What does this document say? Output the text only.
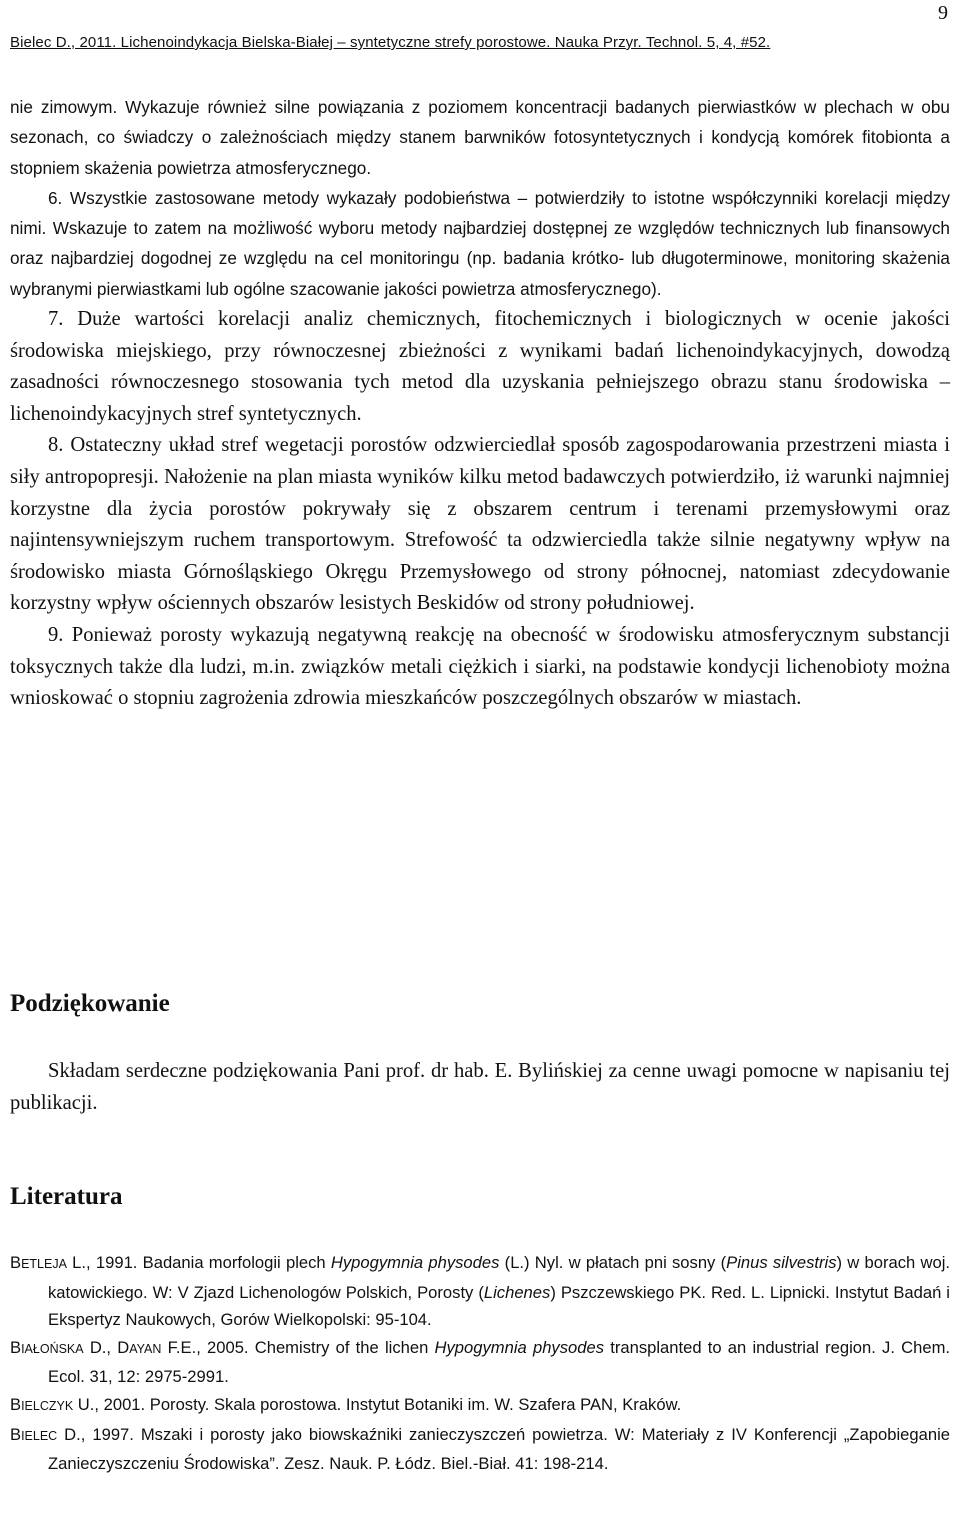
Bielec D., 2011. Lichenoindykacja Bielska-Białej – syntetyczne strefy porostowe. Nauka Przyr. Technol. 5, 4, #52.
9

nie zimowym. Wykazuje również silne powiązania z poziomem koncentracji badanych pierwiastków w plechach w obu sezonach, co świadczy o zależnościach między stanem barwników fotosyntetycznych i kondycją komórek fitobionta a stopniem skażenia powietrza atmosferycznego.

6. Wszystkie zastosowane metody wykazały podobieństwa – potwierdziły to istotne współczynniki korelacji między nimi. Wskazuje to zatem na możliwość wyboru metody najbardziej dostępnej ze względów technicznych lub finansowych oraz najbardziej dogodnej ze względu na cel monitoringu (np. badania krótko- lub długoterminowe, monitoring skażenia wybranymi pierwiastkami lub ogólne szacowanie jakości powietrza atmosferycznego).

7. Duże wartości korelacji analiz chemicznych, fitochemicznych i biologicznych w ocenie jakości środowiska miejskiego, przy równoczesnej zbieżności z wynikami badań lichenoindykacyjnych, dowodzą zasadności równoczesnego stosowania tych metod dla uzyskania pełniejszego obrazu stanu środowiska – lichenoindykacyjnych stref syntetycznych.

8. Ostateczny układ stref wegetacji porostów odzwierciedlał sposób zagospodarowania przestrzeni miasta i siły antropopresji. Nałożenie na plan miasta wyników kilku metod badawczych potwierdziło, iż warunki najmniej korzystne dla życia porostów pokrywały się z obszarem centrum i terenami przemysłowymi oraz najintensywniejszym ruchem transportowym. Strefowość ta odzwierciedla także silnie negatywny wpływ na środowisko miasta Górnośląskiego Okręgu Przemysłowego od strony północnej, natomiast zdecydowanie korzystny wpływ ościennych obszarów lesistych Beskidów od strony południowej.

9. Ponieważ porosty wykazują negatywną reakcję na obecność w środowisku atmosferycznym substancji toksycznych także dla ludzi, m.in. związków metali ciężkich i siarki, na podstawie kondycji lichenobioty można wnioskować o stopniu zagrożenia zdrowia mieszkańców poszczególnych obszarów w miastach.

Podziękowanie

Składam serdeczne podziękowania Pani prof. dr hab. E. Bylińskiej za cenne uwagi pomocne w napisaniu tej publikacji.

Literatura

BETLEJA L., 1991. Badania morfologii plech Hypogymnia physodes (L.) Nyl. w płatach pni sosny (Pinus silvestris) w borach woj. katowickiego. W: V Zjazd Lichenologów Polskich, Porosty (Lichenes) Pszczewskiego PK. Red. L. Lipnicki. Instytut Badań i Ekspertyz Naukowych, Gorów Wielkopolski: 95-104.

BIAŁOŃSKA D., DAYAN F.E., 2005. Chemistry of the lichen Hypogymnia physodes transplanted to an industrial region. J. Chem. Ecol. 31, 12: 2975-2991.

BIELCZYK U., 2001. Porosty. Skala porostowa. Instytut Botaniki im. W. Szafera PAN, Kraków.

BIELEC D., 1997. Mszaki i porosty jako biowskaźniki zanieczyszczeń powietrza. W: Materiały z IV Konferencji „Zapobieganie Zanieczyszczeniu Środowiska”. Zesz. Nauk. P. Łódz. Biel.-Biał. 41: 198-214.
